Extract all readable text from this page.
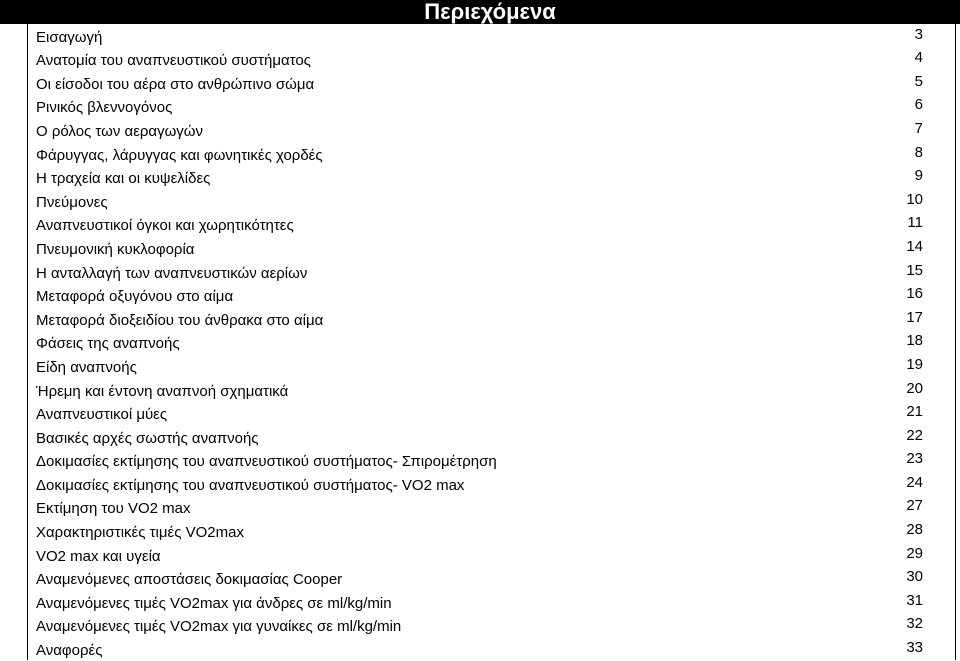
Περιεχόμενα
Εισαγωγή	3
Ανατομία του αναπνευστικού συστήματος	4
Οι είσοδοι του αέρα στο ανθρώπινο σώμα	5
Ρινικός βλεννογόνος	6
Ο ρόλος των αεραγωγών	7
Φάρυγγας, λάρυγγας και φωνητικές χορδές	8
Η τραχεία και οι κυψελίδες	9
Πνεύμονες	10
Αναπνευστικοί όγκοι και χωρητικότητες	11
Πνευμονική κυκλοφορία	14
Η ανταλλαγή των αναπνευστικών αερίων	15
Μεταφορά οξυγόνου στο αίμα	16
Μεταφορά διοξειδίου του άνθρακα στο αίμα	17
Φάσεις της αναπνοής	18
Είδη αναπνοής	19
Ήρεμη και έντονη αναπνοή σχηματικά	20
Αναπνευστικοί μύες	21
Βασικές αρχές σωστής αναπνοής	22
Δοκιμασίες εκτίμησης του αναπνευστικού συστήματος- Σπιρομέτρηση	23
Δοκιμασίες εκτίμησης του αναπνευστικού συστήματος- VO2 max	24
Εκτίμηση του VO2 max	27
Χαρακτηριστικές τιμές VO2max	28
VO2 max και υγεία	29
Αναμενόμενες αποστάσεις δοκιμασίας Cooper	30
Αναμενόμενες τιμές VO2max για άνδρες σε ml/kg/min	31
Αναμενόμενες τιμές VO2max για γυναίκες σε ml/kg/min	32
Αναφορές	33
